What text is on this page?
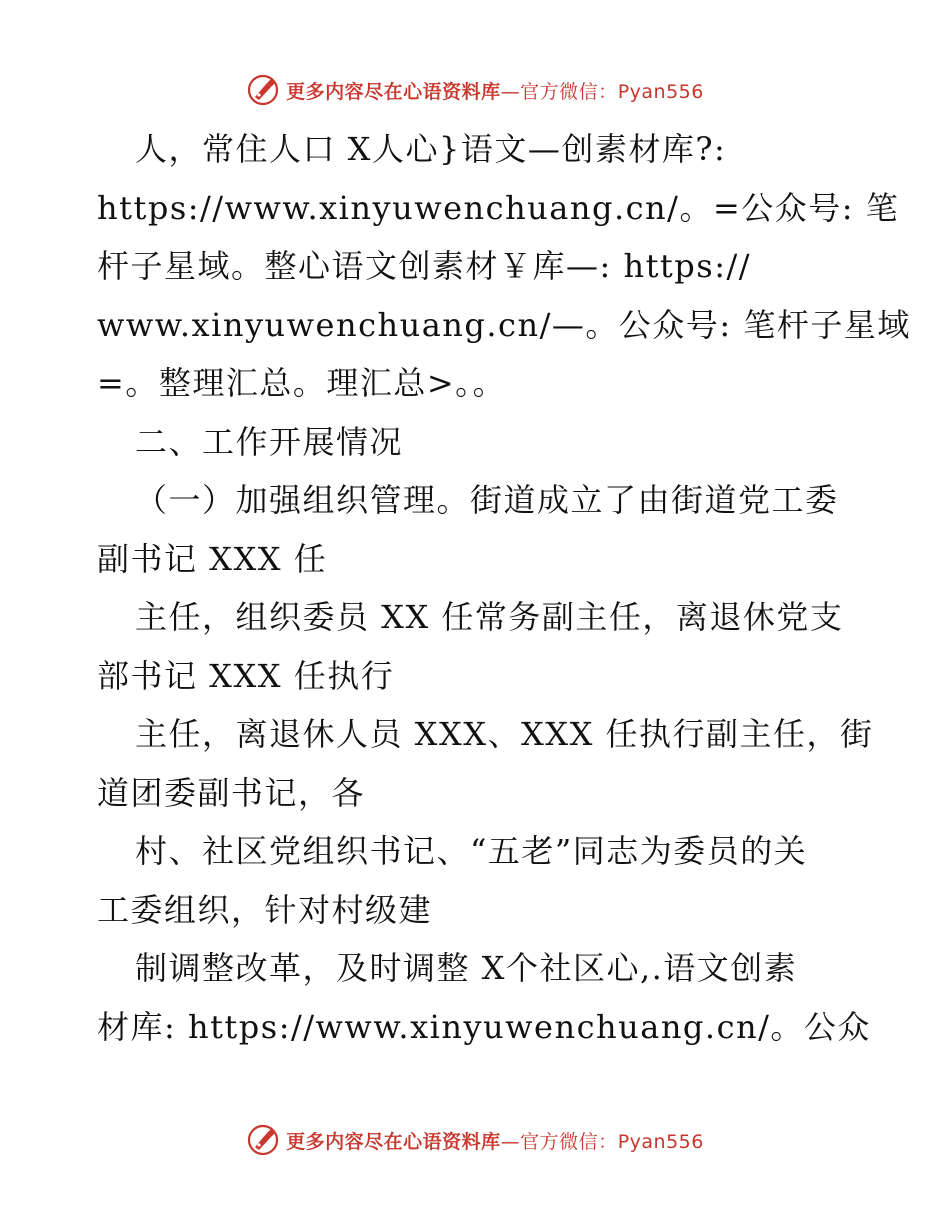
更多内容尽在心语资料库—官方微信：Pyan556
人，常住人口 X人心}语文—创素材库?:
https://www.xinyuwenchuang.cn/。=公众号: 笔
杆子星域。整心语文创素材￥库—: https://
www.xinyuwenchuang.cn/—。公众号: 笔杆子星域
=。整理汇总。理汇总>。。
二、工作开展情况
（一）加强组织管理。街道成立了由街道党工委
副书记 XXX 任
主任，组织委员 XX 任常务副主任，离退休党支
部书记 XXX 任执行
主任，离退休人员 XXX、XXX 任执行副主任，街
道团委副书记，各
村、社区党组织书记、“五老”同志为委员的关
工委组织，针对村级建
制调整改革，及时调整 X个社区心,.语文创素
材库: https://www.xinyuwenchuang.cn/。公众
更多内容尽在心语资料库—官方微信：Pyan556
